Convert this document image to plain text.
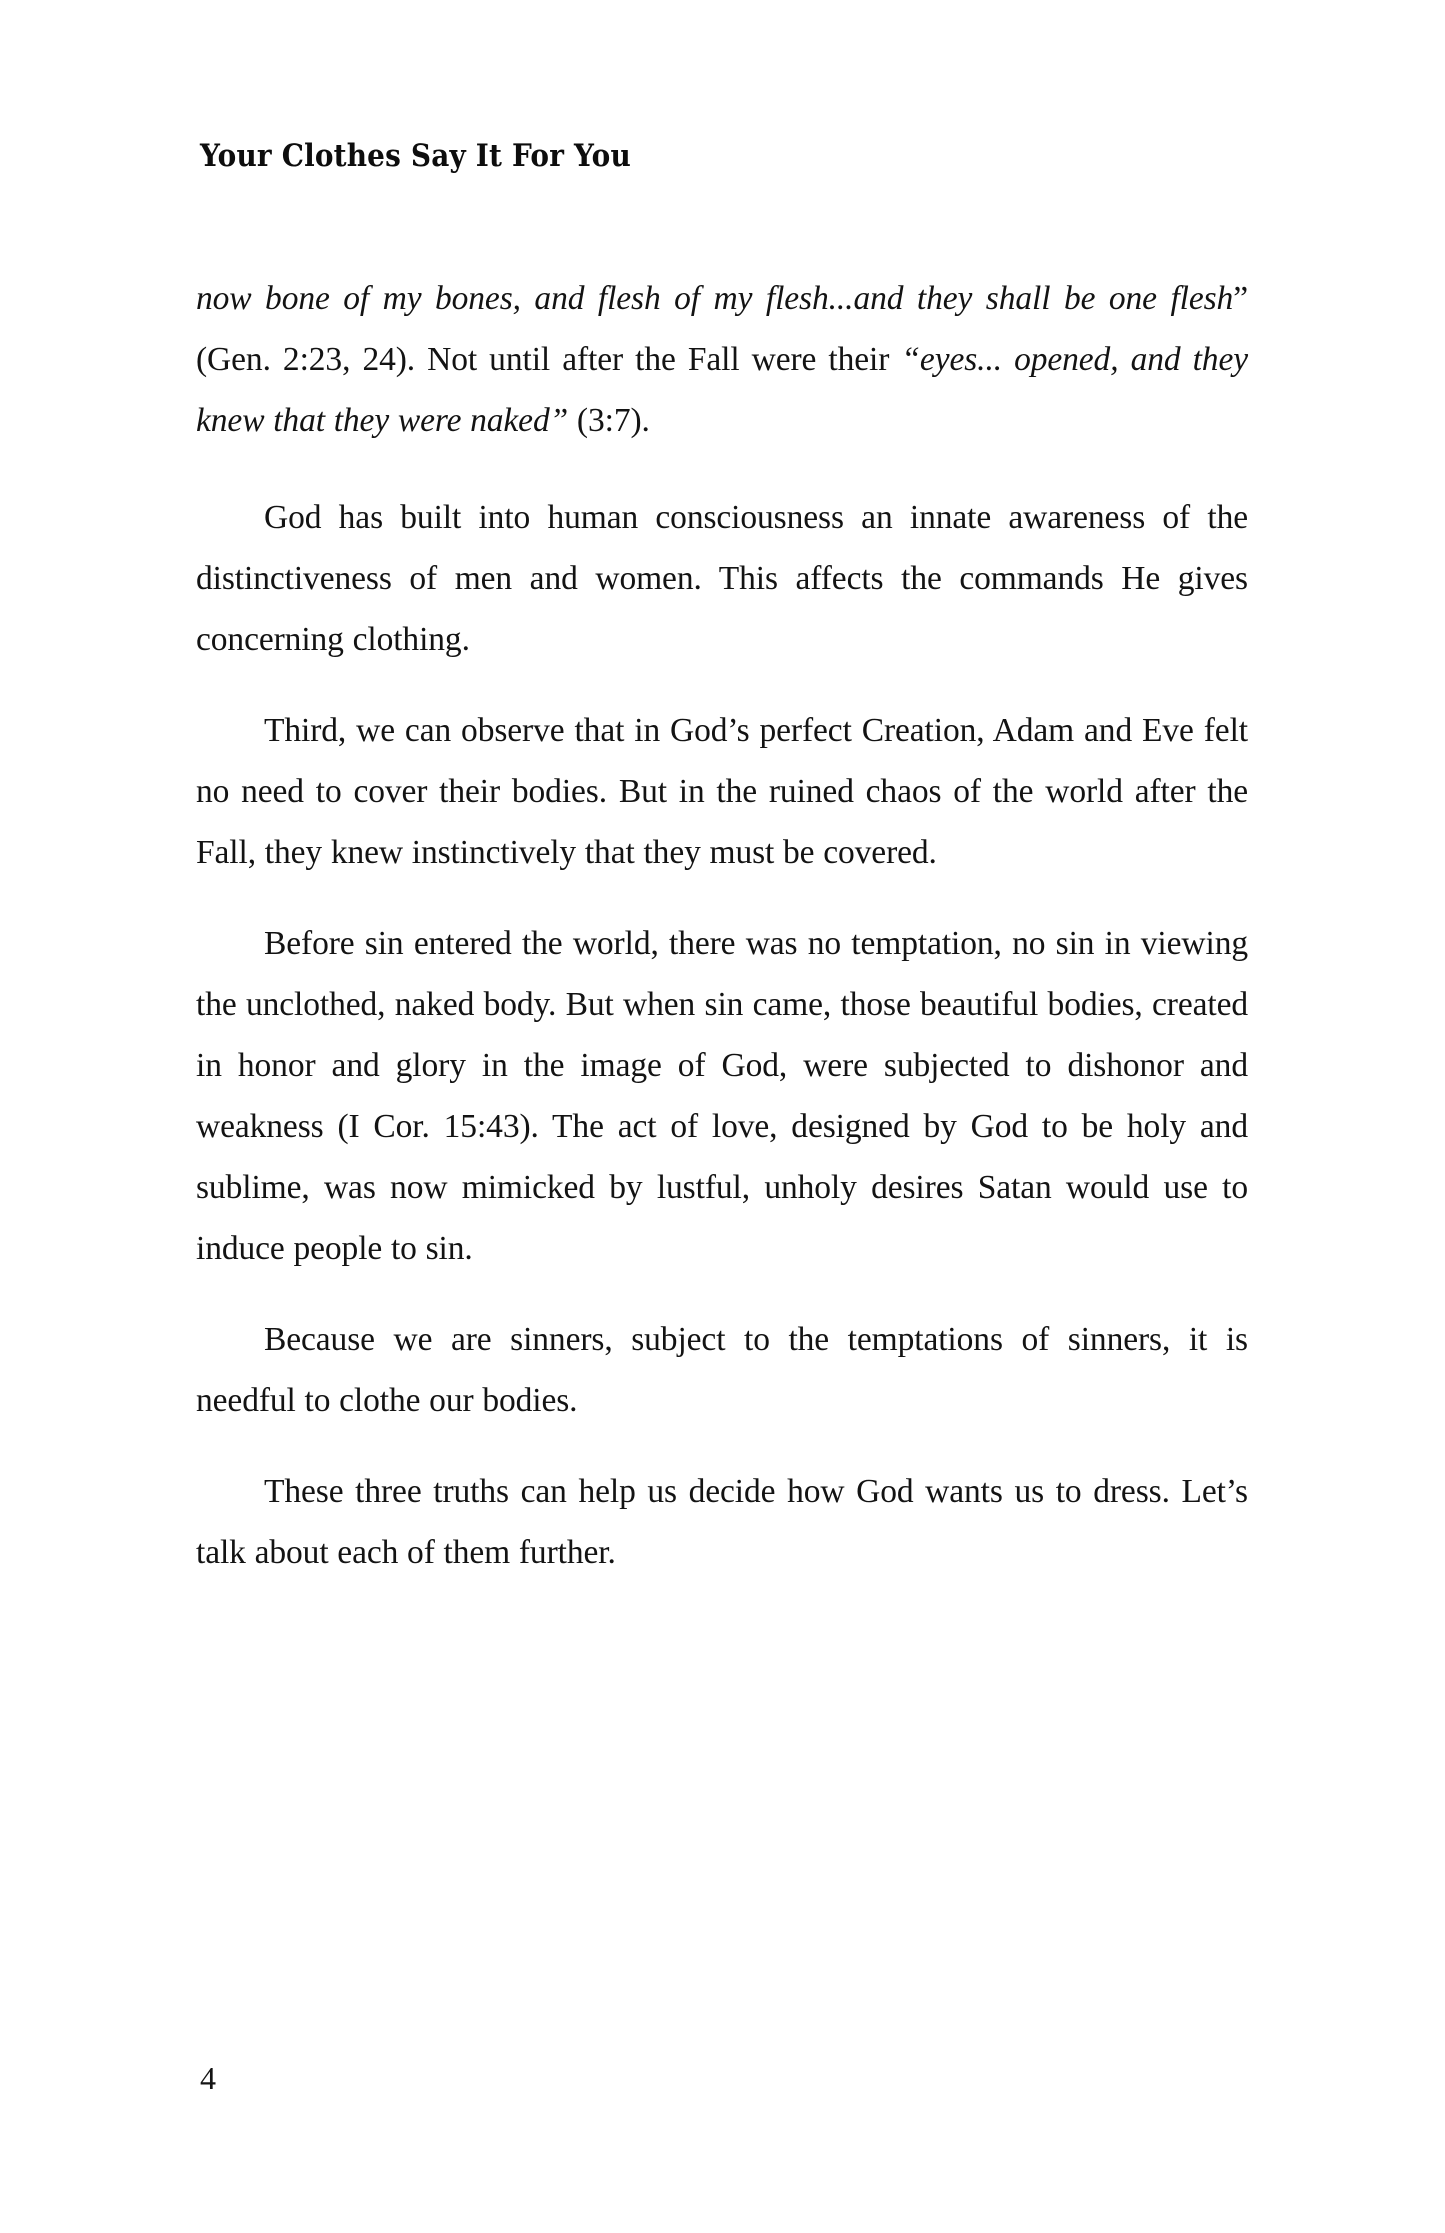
Your Clothes Say It For You

now bone of my bones, and flesh of my flesh...and they shall be one flesh” (Gen. 2:23, 24). Not until after the Fall were their “eyes... opened, and they knew that they were naked” (3:7).

God has built into human consciousness an innate awareness of the distinctiveness of men and women. This affects the commands He gives concerning clothing.

Third, we can observe that in God’s perfect Creation, Adam and Eve felt no need to cover their bodies. But in the ruined chaos of the world after the Fall, they knew instinctively that they must be covered.

Before sin entered the world, there was no temptation, no sin in viewing the unclothed, naked body. But when sin came, those beautiful bodies, created in honor and glory in the image of God, were subjected to dishonor and weakness (I Cor. 15:43). The act of love, designed by God to be holy and sublime, was now mimicked by lustful, unholy desires Satan would use to induce people to sin.

Because we are sinners, subject to the temptations of sinners, it is needful to clothe our bodies.

These three truths can help us decide how God wants us to dress. Let’s talk about each of them further.

4
